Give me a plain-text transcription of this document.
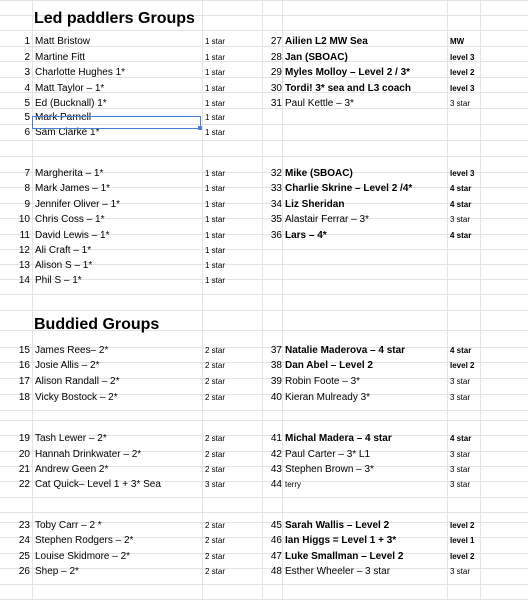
Led paddlers Groups
Buddied Groups
1 Matt Bristow	1 star
2 Martine Fitt	1 star
3 Charlotte Hughes 1*	1 star
4 Matt Taylor – 1*	1 star
5 Ed (Bucknall) 1*	1 star
5 Mark Parnell	1 star
6 Sam Clarke 1*	1 star
7 Margherita – 1*	1 star
8 Mark James – 1*	1 star
9 Jennifer Oliver – 1*	1 star
10 Chris Coss – 1*	1 star
11 David Lewis – 1*	1 star
12 Ali Craft – 1*	1 star
13 Alison S – 1*	1 star
14 Phil S – 1*	1 star
15 James Rees– 2*	2 star
16 Josie Allis – 2*	2 star
17 Alison Randall – 2*	2 star
18 Vicky Bostock – 2*	2 star
19 Tash Lewer – 2*	2 star
20 Hannah Drinkwater – 2*	2 star
21 Andrew Geen 2*	2 star
22 Cat Quick– Level 1 + 3* Sea	3 star
23 Toby Carr – 2 *	2 star
24 Stephen Rodgers – 2*	2 star
25 Louise Skidmore – 2*	2 star
26 Shep – 2*	2 star
27 Ailien L2 MW Sea	MW
28 Jan (SBOAC)	level 3
29 Myles Molloy – Level 2 / 3*	level 2
30 Tordi! 3* sea and L3 coach	level 3
31 Paul Kettle – 3*	3 star
32 Mike (SBOAC)	level 3
33 Charlie Skrine – Level 2 /4*	4 star
34 Liz Sheridan	4 star
35 Alastair Ferrar – 3*	3 star
36 Lars – 4*	4 star
37 Natalie Maderova – 4 star	4 star
38 Dan Abel – Level 2	level 2
39 Robin Foote – 3*	3 star
40 Kieran Mulready 3*	3 star
41 Michal Madera – 4 star	4 star
42 Paul Carter – 3* L1	3 star
43 Stephen Brown – 3*	3 star
44 terry	3 star
45 Sarah Wallis – Level 2	level 2
46 Ian Higgs = Level 1 + 3*	level 1
47 Luke Smallman – Level 2	level 2
48 Esther Wheeler – 3 star	3 star
